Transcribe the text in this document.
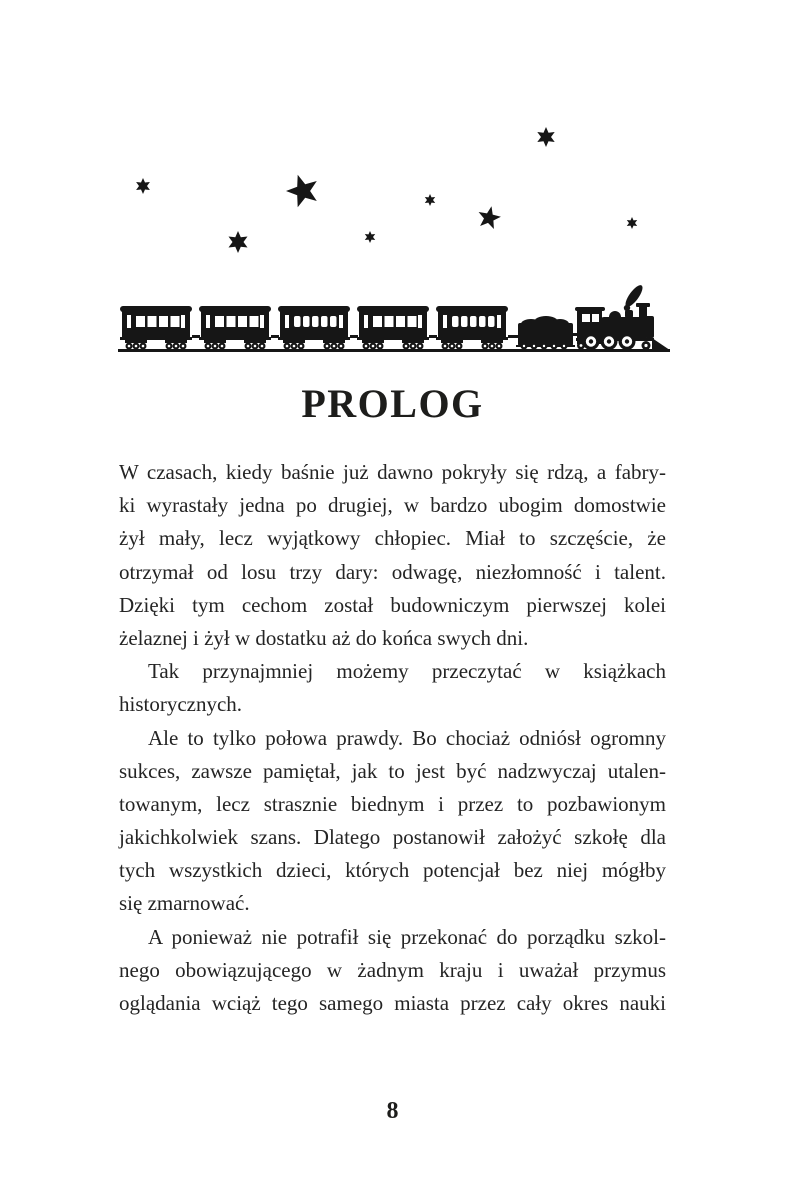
PROLOG
W czasach, kiedy baśnie już dawno pokryły się rdzą, a fabry-
ki wyrastały jedna po drugiej, w bardzo ubogim domostwie
żył mały, lecz wyjątkowy chłopiec. Miał to szczęście, że
otrzymał od losu trzy dary: odwagę, niezłomność i talent.
Dzięki tym cechom został budowniczym pierwszej kolei
żelaznej i żył w dostatku aż do końca swych dni.
Tak przynajmniej możemy przeczytać w książkach
historycznych.
Ale to tylko połowa prawdy. Bo chociaż odniósł ogromny
sukces, zawsze pamiętał, jak to jest być nadzwyczaj utalen-
towanym, lecz strasznie biednym i przez to pozbawionym
jakichkolwiek szans. Dlatego postanowił założyć szkołę dla
tych wszystkich dzieci, których potencjał bez niej mógłby
się zmarnować.
A ponieważ nie potrafił się przekonać do porządku szkol-
nego obowiązującego w żadnym kraju i uważał przymus
oglądania wciąż tego samego miasta przez cały okres nauki
8
